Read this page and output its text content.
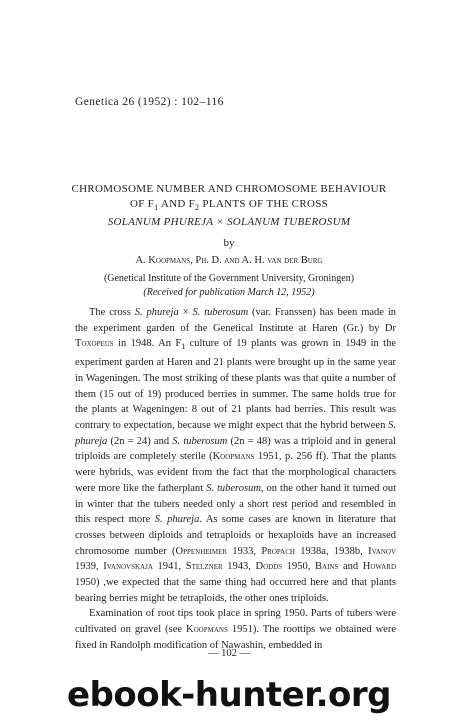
Genetica 26 (1952) : 102–116
CHROMOSOME NUMBER AND CHROMOSOME BEHAVIOUR
OF $F_1$ AND $F_2$ PLANTS OF THE CROSS
SOLANUM PHUREJA × SOLANUM TUBEROSUM
by
A. Koopmans, Ph. D. and A. H. van der Burg
(Genetical Institute of the Government University, Groningen)
(Received for publication March 12, 1952)

The cross S. phureja × S. tuberosum (var. Franssen) has been made in the experiment garden of the Genetical Institute at Haren (Gr.) by Dr Toxopeus in 1948. An $F_1$ culture of 19 plants was grown in 1949 in the experiment garden at Haren and 21 plants were brought up in the same year in Wageningen. The most striking of these plants was that quite a number of them (15 out of 19) produced berries in summer. The same holds true for the plants at Wageningen: 8 out of 21 plants had berries. This result was contrary to expectation, because we might expect that the hybrid between S. phureja (2n = 24) and S. tuberosum (2n = 48) was a triploid and in general triploids are completely sterile (Koopmans 1951, p. 256 ff). That the plants were hybrids, was evident from the fact that the morphological characters were more like the fatherplant S. tuberosum, on the other hand it turned out in winter that the tubers needed only a short rest period and resembled in this respect more S. phureja. As some cases are known in literature that crosses between diploids and tetraploids or hexaploids have an increased chromosome number (Oppenheimer 1933, Propach 1938a, 1938b, Ivanov 1939, Ivanovskaja 1941, Stelzner 1943, Dodds 1950, Bains and Howard 1950) ,we expected that the same thing had occurred here and that plants bearing berries might be tetraploids, the other ones triploids.

Examination of root tips took place in spring 1950. Parts of tubers were cultivated on gravel (see Koopmans 1951). The roottips we obtained were fixed in Randolph modification of Nawashin, embedded in

— 102 —
ebook-hunter.org
